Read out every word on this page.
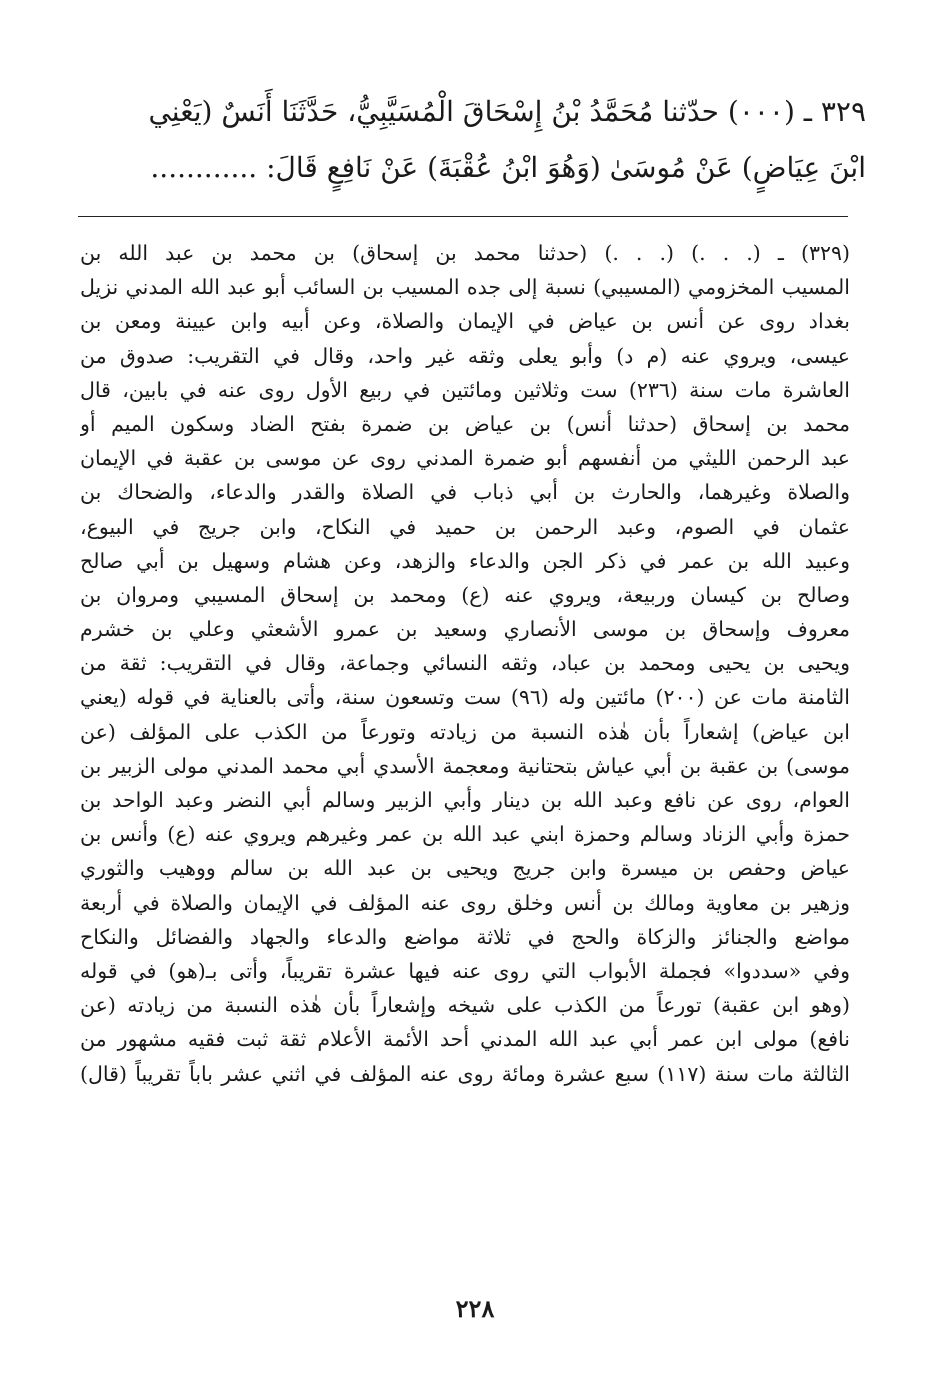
٣٢٩ ـ (٠٠٠) حدّثنا مُحَمَّدُ بْنُ إِسْحَاقَ الْمُسَيَّبِيُّ، حَدَّثَنَا أَنَسٌ (يَعْنِي

ابْنَ عِيَاضٍ) عَنْ مُوسَىٰ (وَهُوَ ابْنُ عُقْبَةَ) عَنْ نَافِعٍ قَالَ: ............

(٣٢٩) ـ (. . .) (. . .) (حدثنا محمد بن إسحاق) بن محمد بن عبد الله بن
المسيب المخزومي (المسيبي) نسبة إلى جده المسيب بن السائب أبو عبد الله المدني نزيل
بغداد روى عن أنس بن عياض في الإيمان والصلاة، وعن أبيه وابن عيينة ومعن بن
عيسى، ويروي عنه (م د) وأبو يعلى وثقه غير واحد، وقال في التقريب: صدوق من
العاشرة مات سنة (٢٣٦) ست وثلاثين ومائتين في ربيع الأول روى عنه في بابين، قال
محمد بن إسحاق (حدثنا أنس) بن عياض بن ضمرة بفتح الضاد وسكون الميم أو
عبد الرحمن الليثي من أنفسهم أبو ضمرة المدني روى عن موسى بن عقبة في الإيمان
والصلاة وغيرهما، والحارث بن أبي ذباب في الصلاة والقدر والدعاء، والضحاك بن
عثمان في الصوم، وعبد الرحمن بن حميد في النكاح، وابن جريج في البيوع،
وعبيد الله بن عمر في ذكر الجن والدعاء والزهد، وعن هشام وسهيل بن أبي صالح
وصالح بن كيسان وربيعة، ويروي عنه (ع) ومحمد بن إسحاق المسيبي ومروان بن
معروف وإسحاق بن موسى الأنصاري وسعيد بن عمرو الأشعثي وعلي بن خشرم
ويحيى بن يحيى ومحمد بن عباد، وثقه النسائي وجماعة، وقال في التقريب: ثقة من
الثامنة مات عن (٢٠٠) مائتين وله (٩٦) ست وتسعون سنة، وأتى بالعناية في قوله (يعني
ابن عياض) إشعاراً بأن هٰذه النسبة من زيادته وتورعاً من الكذب على المؤلف (عن
موسى) بن عقبة بن أبي عياش بتحتانية ومعجمة الأسدي أبي محمد المدني مولى الزبير بن
العوام، روى عن نافع وعبد الله بن دينار وأبي الزبير وسالم أبي النضر وعبد الواحد بن
حمزة وأبي الزناد وسالم وحمزة ابني عبد الله بن عمر وغيرهم ويروي عنه (ع) وأنس بن
عياض وحفص بن ميسرة وابن جريج ويحيى بن عبد الله بن سالم ووهيب والثوري
وزهير بن معاوية ومالك بن أنس وخلق روى عنه المؤلف في الإيمان والصلاة في أربعة
مواضع والجنائز والزكاة والحج في ثلاثة مواضع والدعاء والجهاد والفضائل والنكاح
وفي «سددوا» فجملة الأبواب التي روى عنه فيها عشرة تقريباً، وأتى بـ(هو) في قوله
(وهو ابن عقبة) تورعاً من الكذب على شيخه وإشعاراً بأن هٰذه النسبة من زيادته (عن
نافع) مولى ابن عمر أبي عبد الله المدني أحد الأئمة الأعلام ثقة ثبت فقيه مشهور من
الثالثة مات سنة (١١٧) سبع عشرة ومائة روى عنه المؤلف في اثني عشر باباً تقريباً (قال)
٢٢٨
